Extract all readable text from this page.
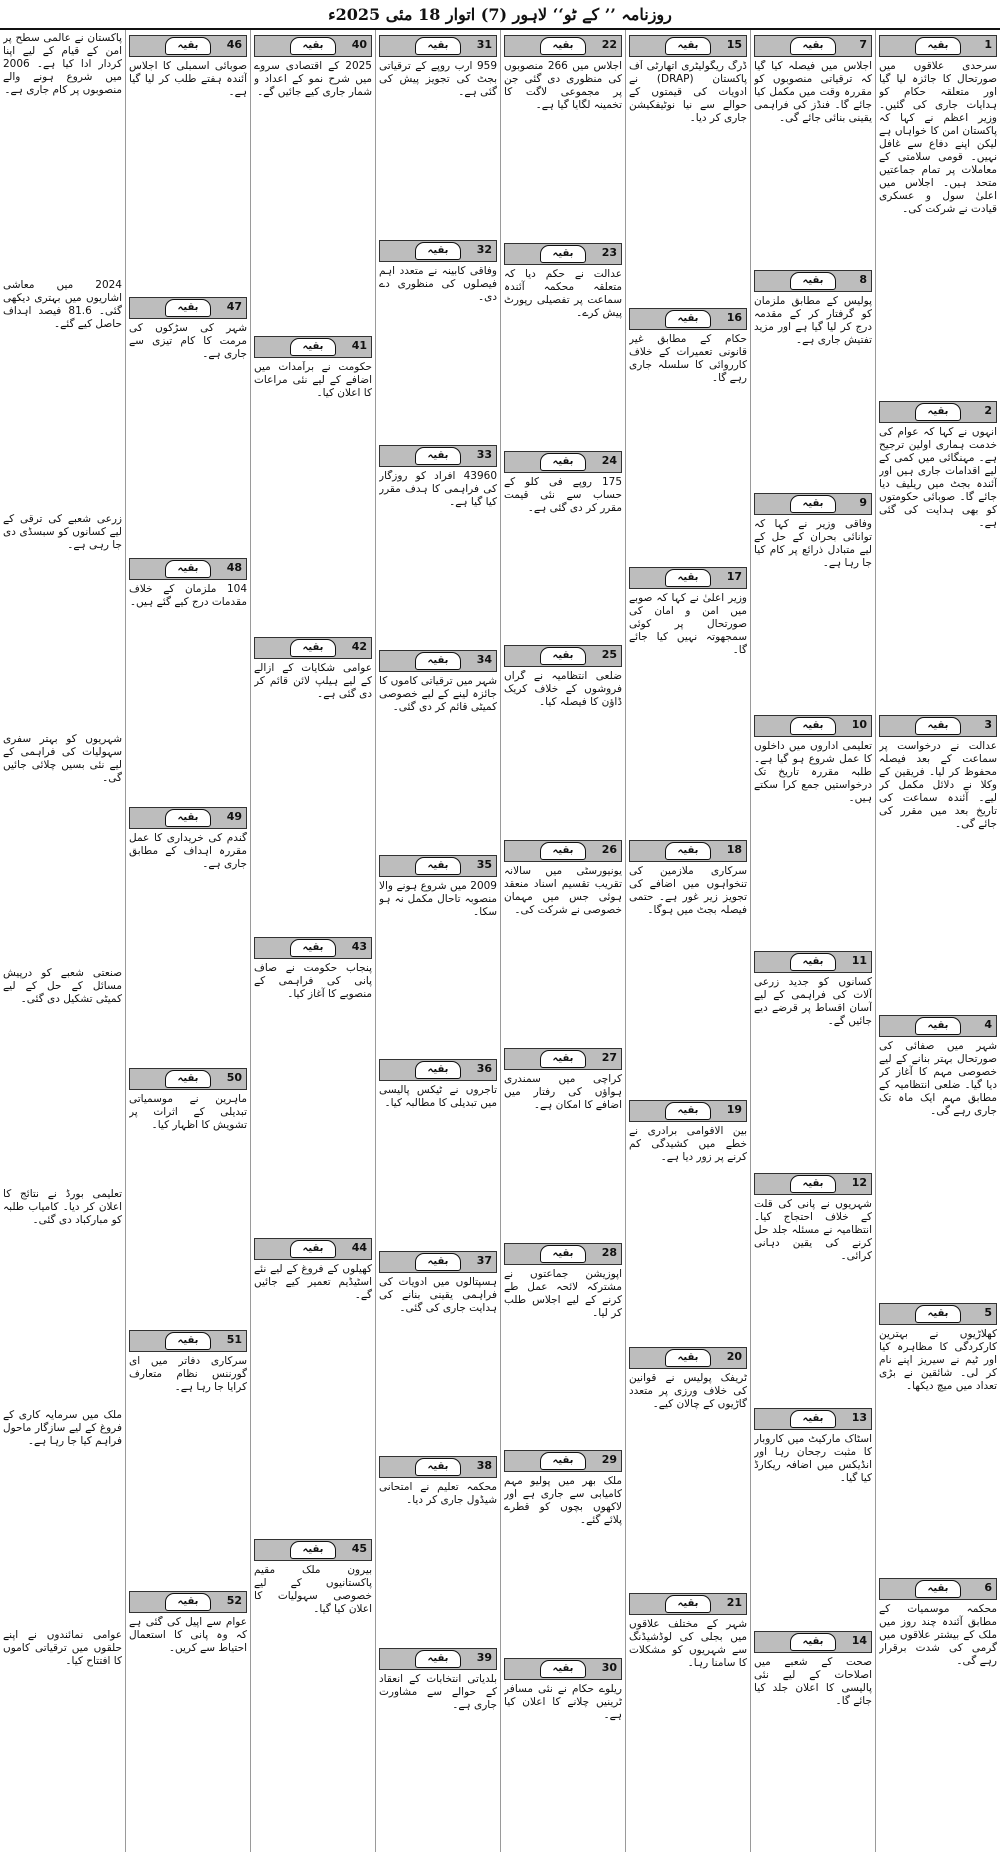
روزنامہ ’’ کے ٹو‘‘ لاہور (7) اتوار 18 مئی 2025ء
1
بقیہ

سرحدی علاقوں میں صورتحال کا جائزہ لیا گیا اور متعلقہ حکام کو ہدایات جاری کی گئیں۔ وزیر اعظم نے کہا کہ پاکستان امن کا خواہاں ہے لیکن اپنے دفاع سے غافل نہیں۔ قومی سلامتی کے معاملات پر تمام جماعتیں متحد ہیں۔ اجلاس میں اعلیٰ سول و عسکری قیادت نے شرکت کی۔

2
بقیہ

انہوں نے کہا کہ عوام کی خدمت ہماری اولین ترجیح ہے۔ مہنگائی میں کمی کے لیے اقدامات جاری ہیں اور آئندہ بجٹ میں ریلیف دیا جائے گا۔ صوبائی حکومتوں کو بھی ہدایت کی گئی ہے۔

3
بقیہ

عدالت نے درخواست پر سماعت کے بعد فیصلہ محفوظ کر لیا۔ فریقین کے وکلا نے دلائل مکمل کر لیے۔ آئندہ سماعت کی تاریخ بعد میں مقرر کی جائے گی۔

4
بقیہ

شہر میں صفائی کی صورتحال بہتر بنانے کے لیے خصوصی مہم کا آغاز کر دیا گیا۔ ضلعی انتظامیہ کے مطابق مہم ایک ماہ تک جاری رہے گی۔

5
بقیہ

کھلاڑیوں نے بہترین کارکردگی کا مظاہرہ کیا اور ٹیم نے سیریز اپنے نام کر لی۔ شائقین نے بڑی تعداد میں میچ دیکھا۔

6
بقیہ

محکمہ موسمیات کے مطابق آئندہ چند روز میں ملک کے بیشتر علاقوں میں گرمی کی شدت برقرار رہے گی۔

7
بقیہ

اجلاس میں فیصلہ کیا گیا کہ ترقیاتی منصوبوں کو مقررہ وقت میں مکمل کیا جائے گا۔ فنڈز کی فراہمی یقینی بنائی جائے گی۔

8
بقیہ

پولیس کے مطابق ملزمان کو گرفتار کر کے مقدمہ درج کر لیا گیا ہے اور مزید تفتیش جاری ہے۔

9
بقیہ

وفاقی وزیر نے کہا کہ توانائی بحران کے حل کے لیے متبادل ذرائع پر کام کیا جا رہا ہے۔

10
بقیہ

تعلیمی اداروں میں داخلوں کا عمل شروع ہو گیا ہے۔ طلبہ مقررہ تاریخ تک درخواستیں جمع کرا سکتے ہیں۔

11
بقیہ

کسانوں کو جدید زرعی آلات کی فراہمی کے لیے آسان اقساط پر قرضے دیے جائیں گے۔

12
بقیہ

شہریوں نے پانی کی قلت کے خلاف احتجاج کیا۔ انتظامیہ نے مسئلہ جلد حل کرنے کی یقین دہانی کرائی۔

13
بقیہ

اسٹاک مارکیٹ میں کاروبار کا مثبت رجحان رہا اور انڈیکس میں اضافہ ریکارڈ کیا گیا۔

14
بقیہ

صحت کے شعبے میں اصلاحات کے لیے نئی پالیسی کا اعلان جلد کیا جائے گا۔

15
بقیہ

ڈرگ ریگولیٹری اتھارٹی آف پاکستان (DRAP) نے ادویات کی قیمتوں کے حوالے سے نیا نوٹیفکیشن جاری کر دیا۔

16
بقیہ

حکام کے مطابق غیر قانونی تعمیرات کے خلاف کارروائی کا سلسلہ جاری رہے گا۔

17
بقیہ

وزیر اعلیٰ نے کہا کہ صوبے میں امن و امان کی صورتحال پر کوئی سمجھوتہ نہیں کیا جائے گا۔

18
بقیہ

سرکاری ملازمین کی تنخواہوں میں اضافے کی تجویز زیر غور ہے۔ حتمی فیصلہ بجٹ میں ہوگا۔

19
بقیہ

بین الاقوامی برادری نے خطے میں کشیدگی کم کرنے پر زور دیا ہے۔

20
بقیہ

ٹریفک پولیس نے قوانین کی خلاف ورزی پر متعدد گاڑیوں کے چالان کیے۔

21
بقیہ

شہر کے مختلف علاقوں میں بجلی کی لوڈشیڈنگ سے شہریوں کو مشکلات کا سامنا رہا۔

22
بقیہ

اجلاس میں 266 منصوبوں کی منظوری دی گئی جن پر مجموعی لاگت کا تخمینہ لگایا گیا ہے۔

23
بقیہ

عدالت نے حکم دیا کہ متعلقہ محکمہ آئندہ سماعت پر تفصیلی رپورٹ پیش کرے۔

24
بقیہ

175 روپے فی کلو کے حساب سے نئی قیمت مقرر کر دی گئی ہے۔

25
بقیہ

ضلعی انتظامیہ نے گراں فروشوں کے خلاف کریک ڈاؤن کا فیصلہ کیا۔

26
بقیہ

یونیورسٹی میں سالانہ تقریب تقسیم اسناد منعقد ہوئی جس میں مہمان خصوصی نے شرکت کی۔

27
بقیہ

کراچی میں سمندری ہواؤں کی رفتار میں اضافے کا امکان ہے۔

28
بقیہ

اپوزیشن جماعتوں نے مشترکہ لائحہ عمل طے کرنے کے لیے اجلاس طلب کر لیا۔

29
بقیہ

ملک بھر میں پولیو مہم کامیابی سے جاری ہے اور لاکھوں بچوں کو قطرے پلائے گئے۔

30
بقیہ

ریلوے حکام نے نئی مسافر ٹرینیں چلانے کا اعلان کیا ہے۔

31
بقیہ

959 ارب روپے کے ترقیاتی بجٹ کی تجویز پیش کی گئی ہے۔

32
بقیہ

وفاقی کابینہ نے متعدد اہم فیصلوں کی منظوری دے دی۔

33
بقیہ

43960 افراد کو روزگار کی فراہمی کا ہدف مقرر کیا گیا ہے۔

34
بقیہ

شہر میں ترقیاتی کاموں کا جائزہ لینے کے لیے خصوصی کمیٹی قائم کر دی گئی۔

35
بقیہ

2009 میں شروع ہونے والا منصوبہ تاحال مکمل نہ ہو سکا۔

36
بقیہ

تاجروں نے ٹیکس پالیسی میں تبدیلی کا مطالبہ کیا۔

37
بقیہ

ہسپتالوں میں ادویات کی فراہمی یقینی بنانے کی ہدایت جاری کی گئی۔

38
بقیہ

محکمہ تعلیم نے امتحانی شیڈول جاری کر دیا۔

39
بقیہ

بلدیاتی انتخابات کے انعقاد کے حوالے سے مشاورت جاری ہے۔

40
بقیہ

2025 کے اقتصادی سروے میں شرح نمو کے اعداد و شمار جاری کیے جائیں گے۔

41
بقیہ

حکومت نے برآمدات میں اضافے کے لیے نئی مراعات کا اعلان کیا۔

42
بقیہ

عوامی شکایات کے ازالے کے لیے ہیلپ لائن قائم کر دی گئی ہے۔

43
بقیہ

پنجاب حکومت نے صاف پانی کی فراہمی کے منصوبے کا آغاز کیا۔

44
بقیہ

کھیلوں کے فروغ کے لیے نئے اسٹیڈیم تعمیر کیے جائیں گے۔

45
بقیہ

بیرون ملک مقیم پاکستانیوں کے لیے خصوصی سہولیات کا اعلان کیا گیا۔

46
بقیہ

صوبائی اسمبلی کا اجلاس آئندہ ہفتے طلب کر لیا گیا ہے۔

47
بقیہ

شہر کی سڑکوں کی مرمت کا کام تیزی سے جاری ہے۔

48
بقیہ

104 ملزمان کے خلاف مقدمات درج کیے گئے ہیں۔

49
بقیہ

گندم کی خریداری کا عمل مقررہ اہداف کے مطابق جاری ہے۔

50
بقیہ

ماہرین نے موسمیاتی تبدیلی کے اثرات پر تشویش کا اظہار کیا۔

51
بقیہ

سرکاری دفاتر میں ای گورننس نظام متعارف کرایا جا رہا ہے۔

52
بقیہ

عوام سے اپیل کی گئی ہے کہ وہ پانی کا استعمال احتیاط سے کریں۔

پاکستان نے عالمی سطح پر امن کے قیام کے لیے اپنا کردار ادا کیا ہے۔ 2006 میں شروع ہونے والے منصوبوں پر کام جاری ہے۔

2024 میں معاشی اشاریوں میں بہتری دیکھی گئی۔ 81.6 فیصد اہداف حاصل کیے گئے۔

زرعی شعبے کی ترقی کے لیے کسانوں کو سبسڈی دی جا رہی ہے۔

شہریوں کو بہتر سفری سہولیات کی فراہمی کے لیے نئی بسیں چلائی جائیں گی۔

صنعتی شعبے کو درپیش مسائل کے حل کے لیے کمیٹی تشکیل دی گئی۔

تعلیمی بورڈ نے نتائج کا اعلان کر دیا۔ کامیاب طلبہ کو مبارکباد دی گئی۔

ملک میں سرمایہ کاری کے فروغ کے لیے سازگار ماحول فراہم کیا جا رہا ہے۔

عوامی نمائندوں نے اپنے حلقوں میں ترقیاتی کاموں کا افتتاح کیا۔
